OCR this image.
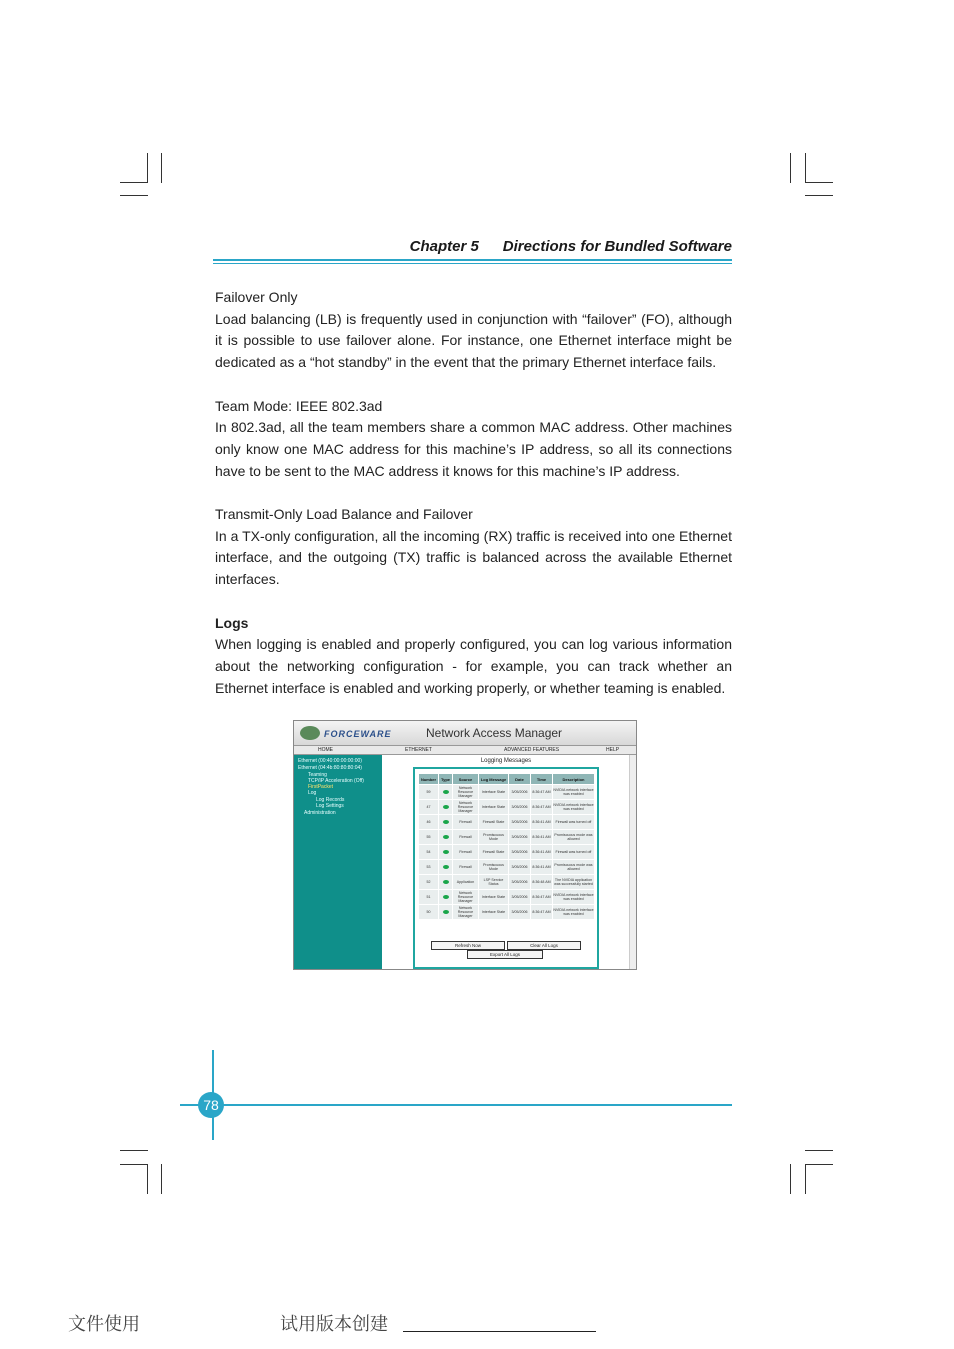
Chapter 5 Directions for Bundled Software

Failover Only

Load balancing (LB) is frequently used in conjunction with “failover” (FO), although it is possible to use failover alone. For instance, one Ethernet interface might be dedicated as a “hot standby” in the event that the primary Ethernet interface fails.

Team Mode: IEEE 802.3ad

In 802.3ad, all the team members share a common MAC address. Other machines only know one MAC address for this machine’s IP address, so all its connections have to be sent to the MAC address it knows for this machine’s IP address.

Transmit-Only Load Balance and Failover

In a TX-only configuration, all the incoming (RX) traffic is received into one Ethernet interface, and the outgoing (TX) traffic is balanced across the available Ethernet interfaces.

Logs

When logging is enabled and properly configured, you can log various information about the networking configuration - for example, you can track whether an Ethernet interface is enabled and working properly, or whether teaming is enabled.

FORCEWARE	Network Access Manager
HOME	ETHERNET	ADVANCED FEATURES	HELP
Ethernet (00:40:00:00:00:00)
Ethernet (04:4b:80:80:80:04)
Teaming
TCP/IP Acceleration (Off)
FirstPacket
Log
Log Records
Log Settings
Administration
Logging Messages
Number	Type	Source	Log Message	Date	Time	Description
59		Network Resource Manager	Interface State	3/05/2006	8:36:47 AM	NVIDIA network interface was enabled
47		Network Resource Manager	Interface State	3/05/2006	8:36:47 AM	NVIDIA network interface was enabled
46		Firewall	Firewall State	3/05/2006	8:36:41 AM	Firewall was turned off
55		Firewall	Promiscuous Mode	3/05/2006	8:36:41 AM	Promiscuous mode was allowed
54		Firewall	Firewall State	3/05/2006	8:36:41 AM	Firewall was turned off
53		Firewall	Promiscuous Mode	3/05/2006	8:36:41 AM	Promiscuous mode was allowed
52		Application	LSP Service Status	3/05/2006	8:36:48 AM	The NVIDIA application was successfully started
51		Network Resource Manager	Interface State	3/05/2006	8:36:47 AM	NVIDIA network interface was enabled
50		Network Resource Manager	Interface State	3/05/2006	8:36:47 AM	NVIDIA network interface was enabled
Refresh Now	Clear All Logs
Export All Logs
78
文件使用	试用版本创建
